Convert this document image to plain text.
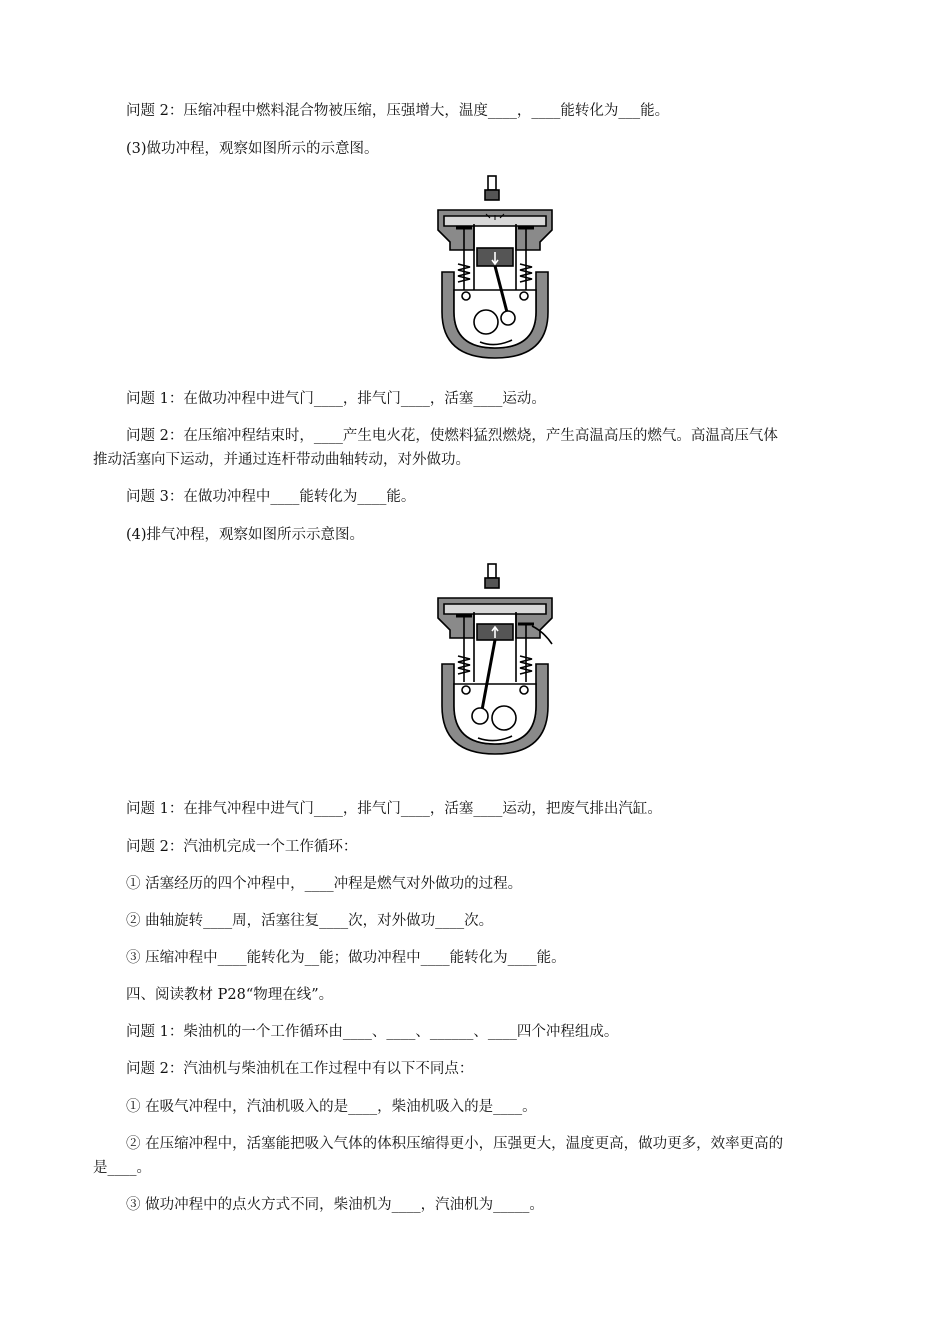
问题 2：压缩冲程中燃料混合物被压缩，压强增大，温度____，____能转化为___能。
(3)做功冲程，观察如图所示的示意图。
问题 1：在做功冲程中进气门____，排气门____，活塞____运动。
问题 2：在压缩冲程结束时，____产生电火花，使燃料猛烈燃烧，产生高温高压的燃气。高温高压气体
推动活塞向下运动，并通过连杆带动曲轴转动，对外做功。
问题 3：在做功冲程中____能转化为____能。
(4)排气冲程，观察如图所示示意图。
问题 1：在排气冲程中进气门____，排气门____，活塞____运动，把废气排出汽缸。
问题 2：汽油机完成一个工作循环：
① 活塞经历的四个冲程中，____冲程是燃气对外做功的过程。
② 曲轴旋转____周，活塞往复____次，对外做功____次。
③ 压缩冲程中____能转化为__能；做功冲程中____能转化为____能。
四、阅读教材 P28“物理在线”。
问题 1：柴油机的一个工作循环由____、____、______、____四个冲程组成。
问题 2：汽油机与柴油机在工作过程中有以下不同点：
① 在吸气冲程中，汽油机吸入的是____，柴油机吸入的是____。
② 在压缩冲程中，活塞能把吸入气体的体积压缩得更小，压强更大，温度更高，做功更多，效率更高的
是____。
③ 做功冲程中的点火方式不同，柴油机为____，汽油机为_____。
